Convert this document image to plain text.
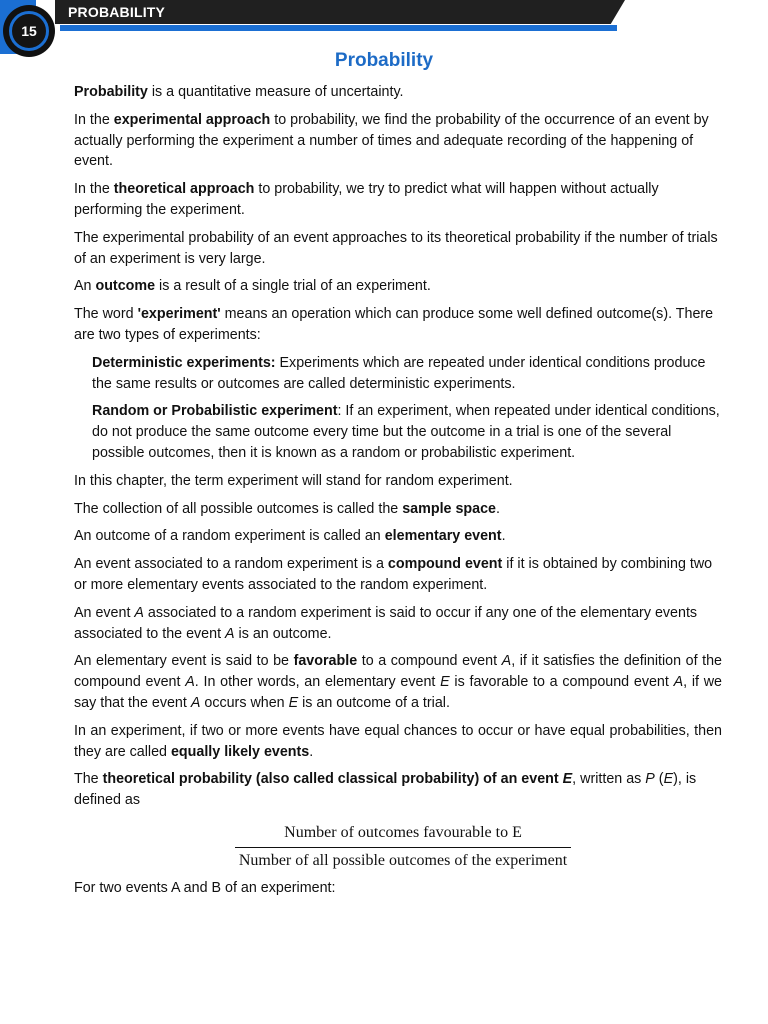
15
PROBABILITY
Probability

Probability is a quantitative measure of uncertainty.

In the experimental approach to probability, we find the probability of the occurrence of an event by actually performing the experiment a number of times and adequate recording of the happening of event.

In the theoretical approach to probability, we try to predict what will happen without actually performing the experiment.

The experimental probability of an event approaches to its theoretical probability if the number of trials of an experiment is very large.

An outcome is a result of a single trial of an experiment.

The word 'experiment' means an operation which can produce some well defined outcome(s). There are two types of experiments:

Deterministic experiments: Experiments which are repeated under identical conditions produce the same results or outcomes are called deterministic experiments.

Random or Probabilistic experiment: If an experiment, when repeated under identical conditions, do not produce the same outcome every time but the outcome in a trial is one of the several possible outcomes, then it is known as a random or probabilistic experiment.

In this chapter, the term experiment will stand for random experiment.

The collection of all possible outcomes is called the sample space.

An outcome of a random experiment is called an elementary event.

An event associated to a random experiment is a compound event if it is obtained by combining two or more elementary events associated to the random experiment.

An event A associated to a random experiment is said to occur if any one of the elementary events associated to the event A is an outcome.

An elementary event is said to be favorable to a compound event A, if it satisfies the definition of the compound event A. In other words, an elementary event E is favorable to a compound event A, if we say that the event A occurs when E is an outcome of a trial.

In an experiment, if two or more events have equal chances to occur or have equal probabilities, then they are called equally likely events.

The theoretical probability (also called classical probability) of an event E, written as P (E), is defined as

$\frac{\text{Number of outcomes favourable to E}}{\text{Number of all possible outcomes of the experiment}}$

For two events A and B of an experiment:
